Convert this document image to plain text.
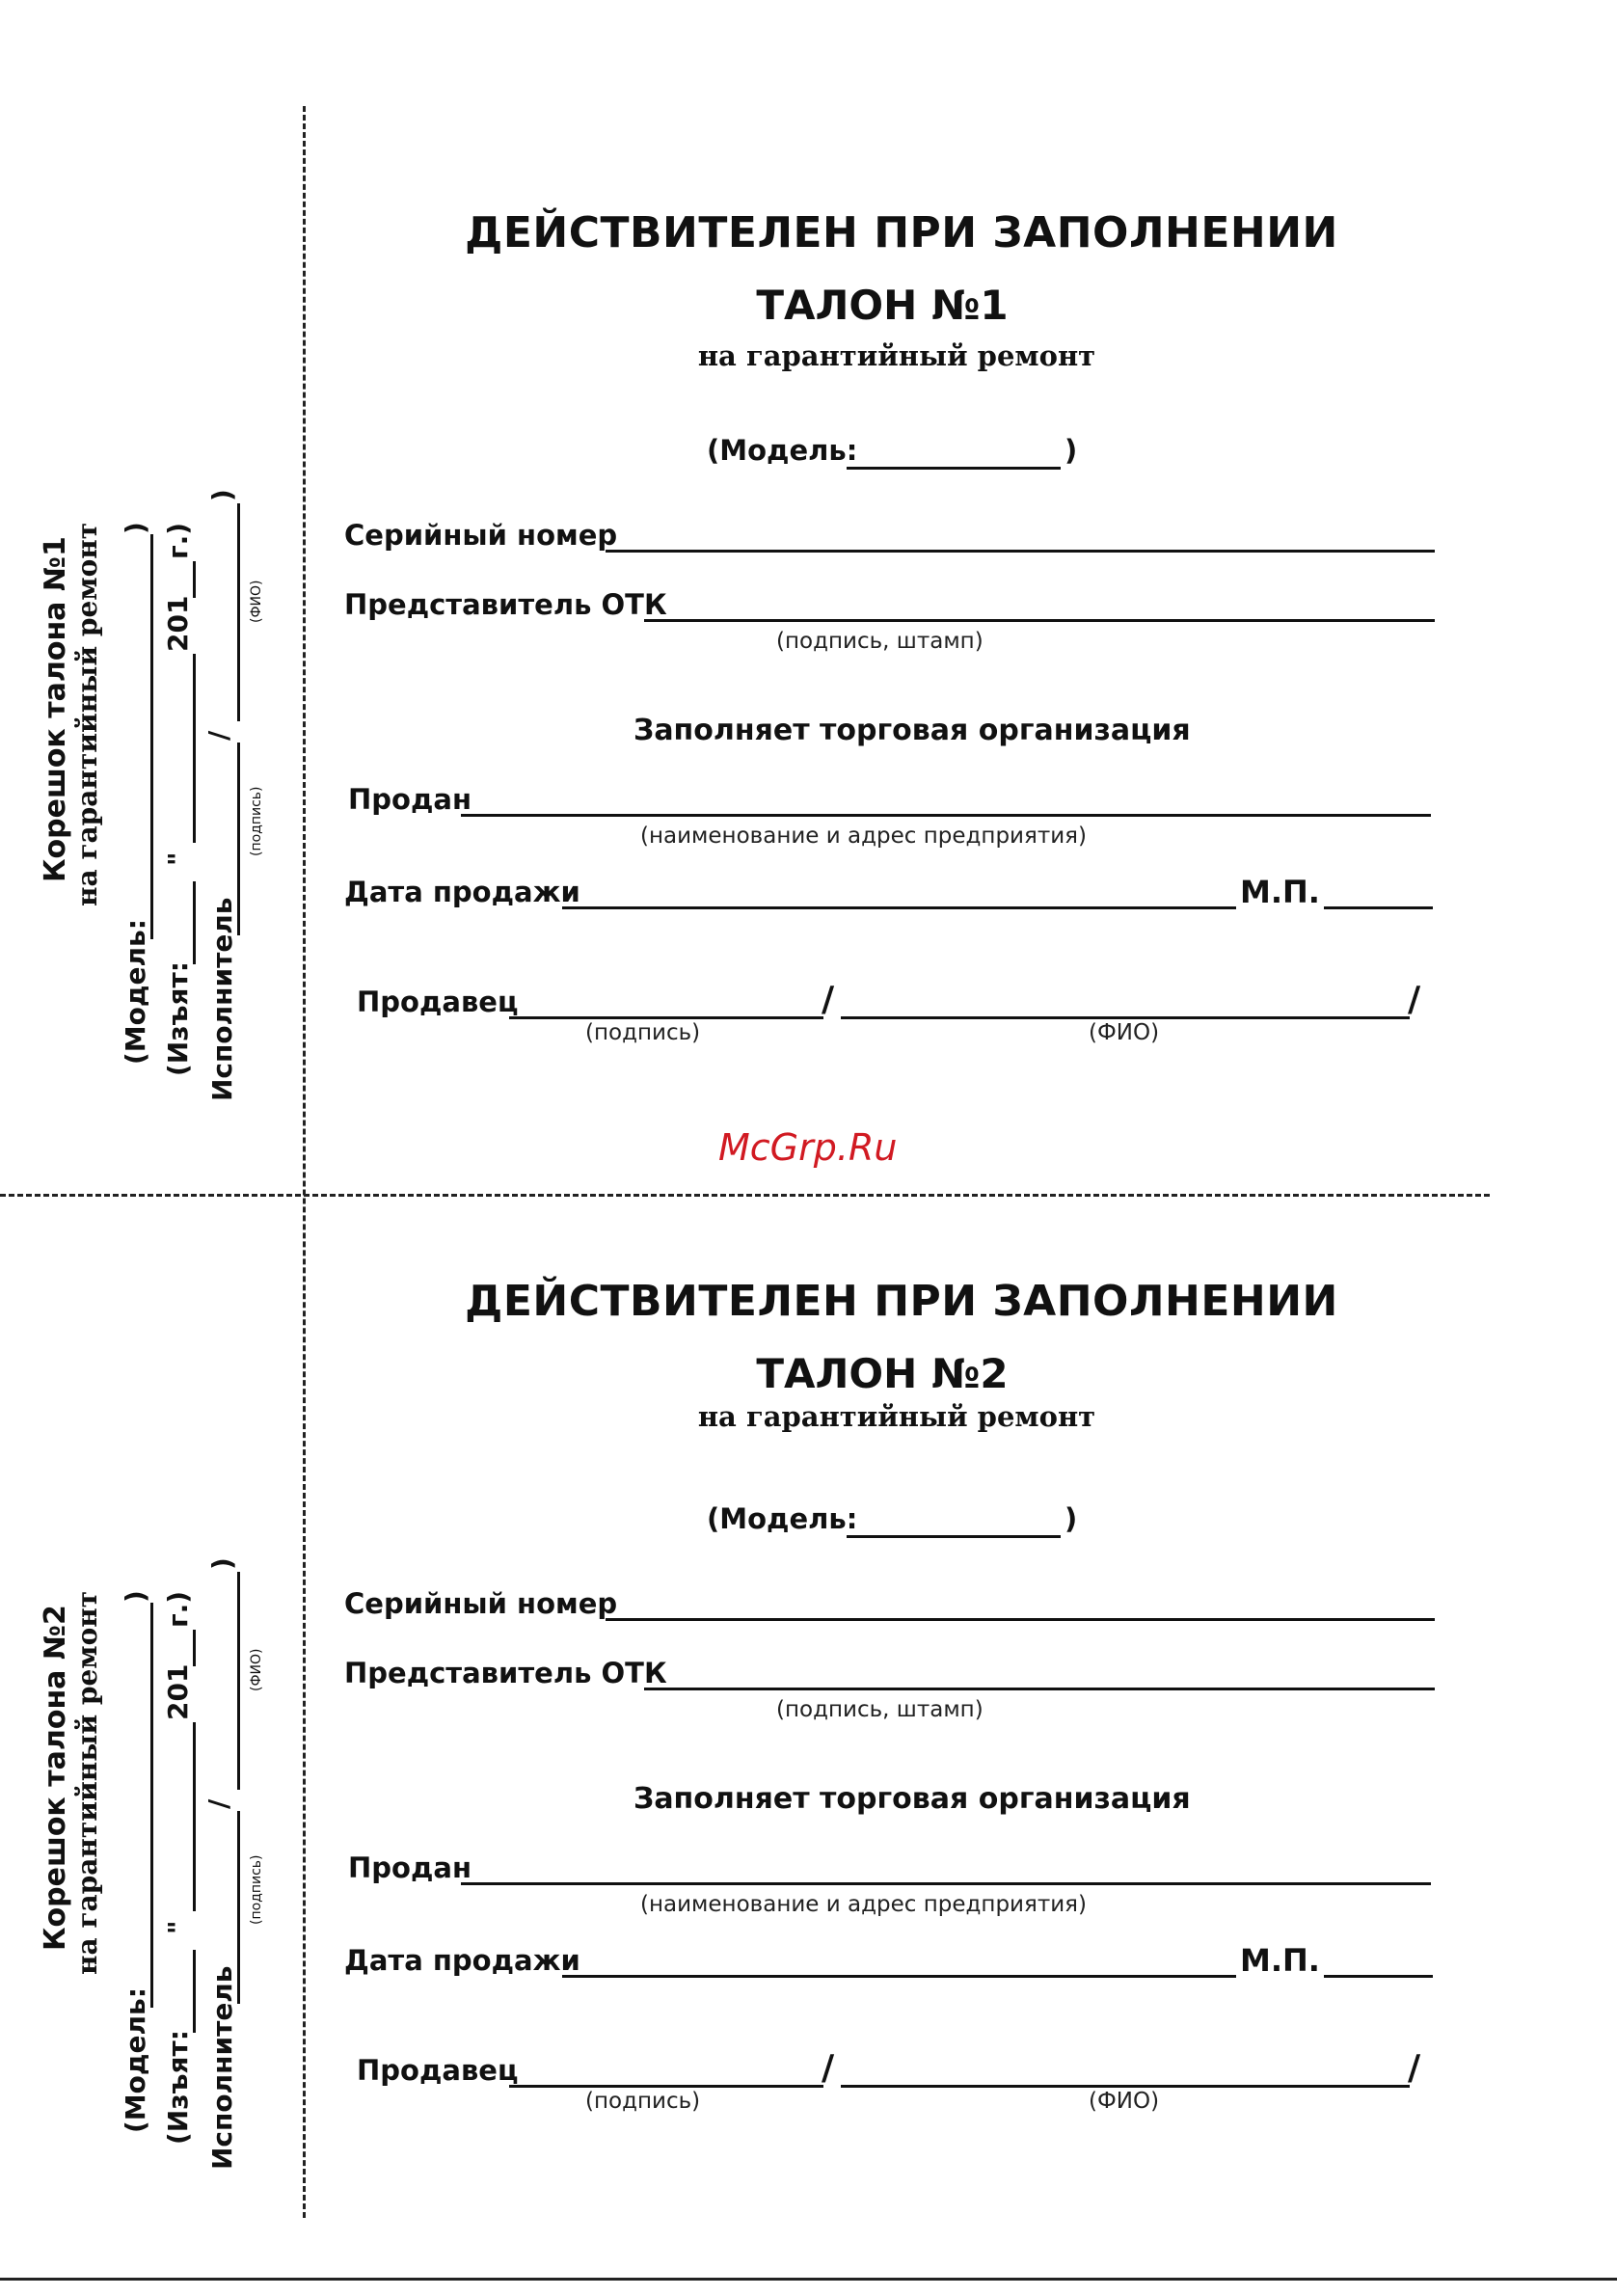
ДЕЙСТВИТЕЛЕН ПРИ ЗАПОЛНЕНИИ
ТАЛОН №1
на гарантийный ремонт
(Модель:	)
Серийный номер
Представитель ОТК
(подпись, штамп)
Заполняет торговая организация
Продан
(наименование и адрес предприятия)
Дата продажи	М.П.
Продавец	/	/
(подпись)	(ФИО)
Корешок талона №1 на гарантийный ремонт
(Модель:
)
(Изъят:
"
201
г.)
Исполнитель
/
)
(подпись)
(ФИО)
McGrp.Ru
ДЕЙСТВИТЕЛЕН ПРИ ЗАПОЛНЕНИИ
ТАЛОН №2
на гарантийный ремонт
(Модель:	)
Серийный номер
Представитель ОТК
(подпись, штамп)
Заполняет торговая организация
Продан
(наименование и адрес предприятия)
Дата продажи	М.П.
Продавец	/	/
(подпись)	(ФИО)
Корешок талона №2 на гарантийный ремонт
(Модель:
)
(Изъят:
"
201
г.)
Исполнитель
/
)
(подпись)
(ФИО)
